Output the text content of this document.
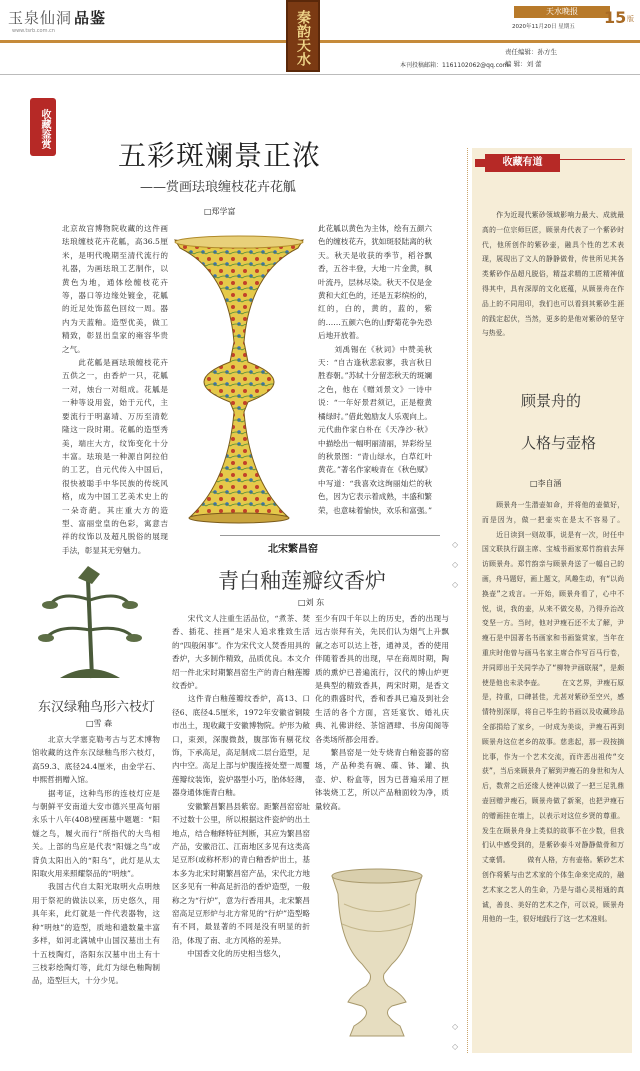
玉泉仙洞 品鉴
www.tsrb.com.cn	秦韵天水	天水晚报	15 版
2020年11月20日 星期五
责任编辑：孙方生
编 辑：刘 蕾
本刊投稿邮箱：1161102062@qq.com
收藏鉴赏
五彩斑斓景正浓
——赏画珐琅缠枝花卉花觚
□郑学富
北京故宫博物院收藏的这件画珐琅缠枝花卉花觚，高36.5厘米，是明代晚期至清代流行的礼器，为画珐琅工艺制作，以黄色为地，通体绘缠枝花卉等，器口等边缘处镀金，花觚的近足处饰蓝色回纹一周。器内为天蓝釉。造型优美，做工精致，彰显出皇家的雍容华贵之气。
　　此花觚是画珐琅缠枝花卉五供之一，由香炉一只，花觚一对，烛台一对组成。花觚是一种等设用瓷，始于元代，主要流行于明嘉靖、万历至清乾隆这一段时期。花觚的造型秀美，端庄大方，纹饰变化十分丰富。珐琅是一种源自阿拉伯的工艺，自元代传入中国后，很快被聪手中华民族的传统风格，成为中国工艺美术史上的一朵奇葩。其庄重大方的造型、富丽堂皇的色彩，寓意吉祥的纹饰以及超凡脱俗的展现手法，彰显其无穷魅力。
此花觚以黄色为主体，绘有五颜六色的缠枝花卉，犹如斑驳陆离的秋天。秋天是收获的季节，稻谷飘香，五谷丰登，大地一片金黄，枫叶流丹，层林尽染。秋天不仅是金黄和大红色的，还是五彩缤纷的，红的，白的，黄的，蓝的，紫的……五颜六色的山野菊花争先恐后地开放着。
　　刘禹锡在《秋词》中赞美秋天：“自古逢秋悲寂寥，我言秋日胜春朝。”苏轼十分留恋秋天的斑斓之色，他在《赠刘景文》一诗中说：“一年好景君须记，正是橙黄橘绿时。”借此勉励友人乐观向上。元代曲作家白朴在《天净沙·秋》中描绘出一幅明丽清丽，异彩纷呈的秋景图：“青山绿水，白草红叶黄花。”著名作家峻青在《秋色赋》中写道：“我喜欢这绚丽灿烂的秋色，因为它表示着成熟，丰盛和繁荣，也意味着愉快，欢乐和富强。”
北宋繁昌窑
青白釉莲瓣纹香炉
□刘 东
　　宋代文人注重生活品位，“煮茶、焚香、插花、挂画”是宋人追求雅致生活的“四般闲事”。作为宋代文人焚香用具的香炉，大多制作精致，品质优良。本文介绍一件北宋时期繁昌窑生产的青白釉莲瓣纹香炉。
　　这件青白釉莲瓣纹香炉，高13、口径6、底径4.5厘米，1972年安徽省铜陵市出土，现收藏于安徽博物院。炉形为敞口，束颈，深腹微鼓，腹部饰有剔花纹饰，下承高足，高足制成二层台造型，足内中空。高足上部与炉腹连接处塑一周覆莲瓣纹装饰，瓷炉器型小巧，胎体轻薄，器身通体施青白釉。
　　安徽繁昌繁昌县紫窑。距繁昌窑窑址不过数十公里，所以根据这件瓷炉的出土地点，结合釉释特征判断，其应为繁昌窑产品，安徽沿江、江南地区多见有这类高足豆形(或称杯形)的青白釉香炉出土，基本多为北宋时期繁昌窑产品，宋代北方地区多见有一种高足折沿的香炉造型，一般称之为“行炉”，意为行香用具，北宋繁昌窑高足豆形炉与北方常见的“行炉”造型略有不同，最显著的不同是没有明显的折沿，体现了南、北方风格的差异。
　　中国香文化的历史相当悠久，
至少有四千年以上的历史，香的出现与远古崇拜有关，先民们认为烟气上升飘氤之态可以达上苍，通神灵，香的使用伴随着香具的出现，早在商周时期，陶质的熏炉已普遍流行，汉代的博山炉更是典型的精致香具，两宋时期，是香文化的鼎盛时代，香和香具已遍及到社会生活的各个方面，宫廷宴饮、婚礼庆典、礼佛讲经、茶馆酒肆、书房闺阁等各类场所都会用香。
　　繁昌窑是一处专烧青白釉瓷器的窑场，产品种类有碗、碟、钵、罐、执壶、炉、粉盒等，因为已普遍采用了匣钵装烧工艺，所以产品釉面较为净，质量较高。
东汉绿釉鸟形六枝灯
□雪 森
　　北京大学塞克勒考古与艺术博物馆收藏的这件东汉绿釉鸟形六枝灯，高59.3、底径24.4厘米，由金学石、申熙哲捐赠入馆。
　　据考证，这种鸟形的连枝灯应是与朝鲜平安南道大安市德兴里高句丽永乐十八年(408)壁画墓中题题：“阳燧之鸟，履火而行”所指代的大鸟相关。上部的鸟应是代表“阳燧之鸟”或背负太阳出入的“阳乌”，此灯是从太阳取火用来照耀祭品的“明烛”。
　　我国古代自太阳光取明火点明烛用于祭祀的做法以来，历史悠久，用具年来，此灯就是一件代表器物，这种“明烛”的造型，质地和遗数量丰富多样，如河北满城中山国汉墓出土有十五枝陶灯，洛阳东汉墓中出土有十三枝彩绘陶灯等，此灯为绿色釉陶制品，造型巨大，十分少见。
收藏有道
　　作为近现代紫砂领域影响力最大、成就最高的一位宗师巨匠，顾景舟代表了一个紫砂时代，他所创作的紫砂壶，融具个性的艺术表现，展现出了文人的静静做骨，传世所见其各类紫砂作品超凡脱俗，精益求精的工匠精神值得其中，具有深厚的文化底蕴，从顾景舟在作品上的不同用印，我们也可以看到其紫砂生涯的践定起伏，当然，更多的是他对紫砂的坚守与热爱。
顾景舟的
人格与壶格
□李自涵
　　顾景舟一生潜壶如命，并将他的壶做好，而是因为，做一把壶实在是太不容易了。 　　近日读到一则故事，说是有一次，时任中国文联执行副主席、宝城书画家郑竹韵前去拜访顾景舟。郑竹韵亲与顾景舟送了一幅自己的画，舟马题好，画上题文，风趣生动，有“以尚换壶”之戏言。一开始，顾景舟看了，心中不悦，说，我的壶，从来不做交易，乃得乔治改变坚一方。当时，他对尹瘦石还不太了解，尹瘦石是中国著名书画家和书画鉴赏家，当年在重庆时他曾与画马名家主席合作写百马行卷，并同即出于关同学办了“柳特尹画联展”，是颇使是他也未录李壶。 　　在文艺界，尹瘦石原是，持重，口碑甚佳，尤甚对紫砂至空兴，感情特别深厚，将自己毕生的书画以及收藏珍品全部捐给了家乡，一时成为美谈，尹瘦石再到顾景舟这位老乡的故事。慈悲起，那一段按摘比事，作为一个艺术交流，而许恶出祖传“交获”，当后来顾景舟了解到尹瘦石的身世和为人后，数常之后还缘人使神以做了一把三足乳鼎壶回赠尹瘦石，顾景舟做了新案，也把尹瘦石的赠画挂在墙上，以表示对这位乡贤的尊重。发生在顾景舟身上类似的故事不在少数，但我们认中感受到的，是紫砂泰斗对静静做骨和万丈豪情。 　　做有人格，方有壶格。紫砂艺术创作将紫与由艺术家的个体生命来完成的，融艺术家之艺人的生命，乃是与谐心灵相通的真诚，善良、美好的艺术之作，可以说，顾景舟用他的一生，很好地践行了这一艺术准则。
◇
◇
◇
◇
◇
